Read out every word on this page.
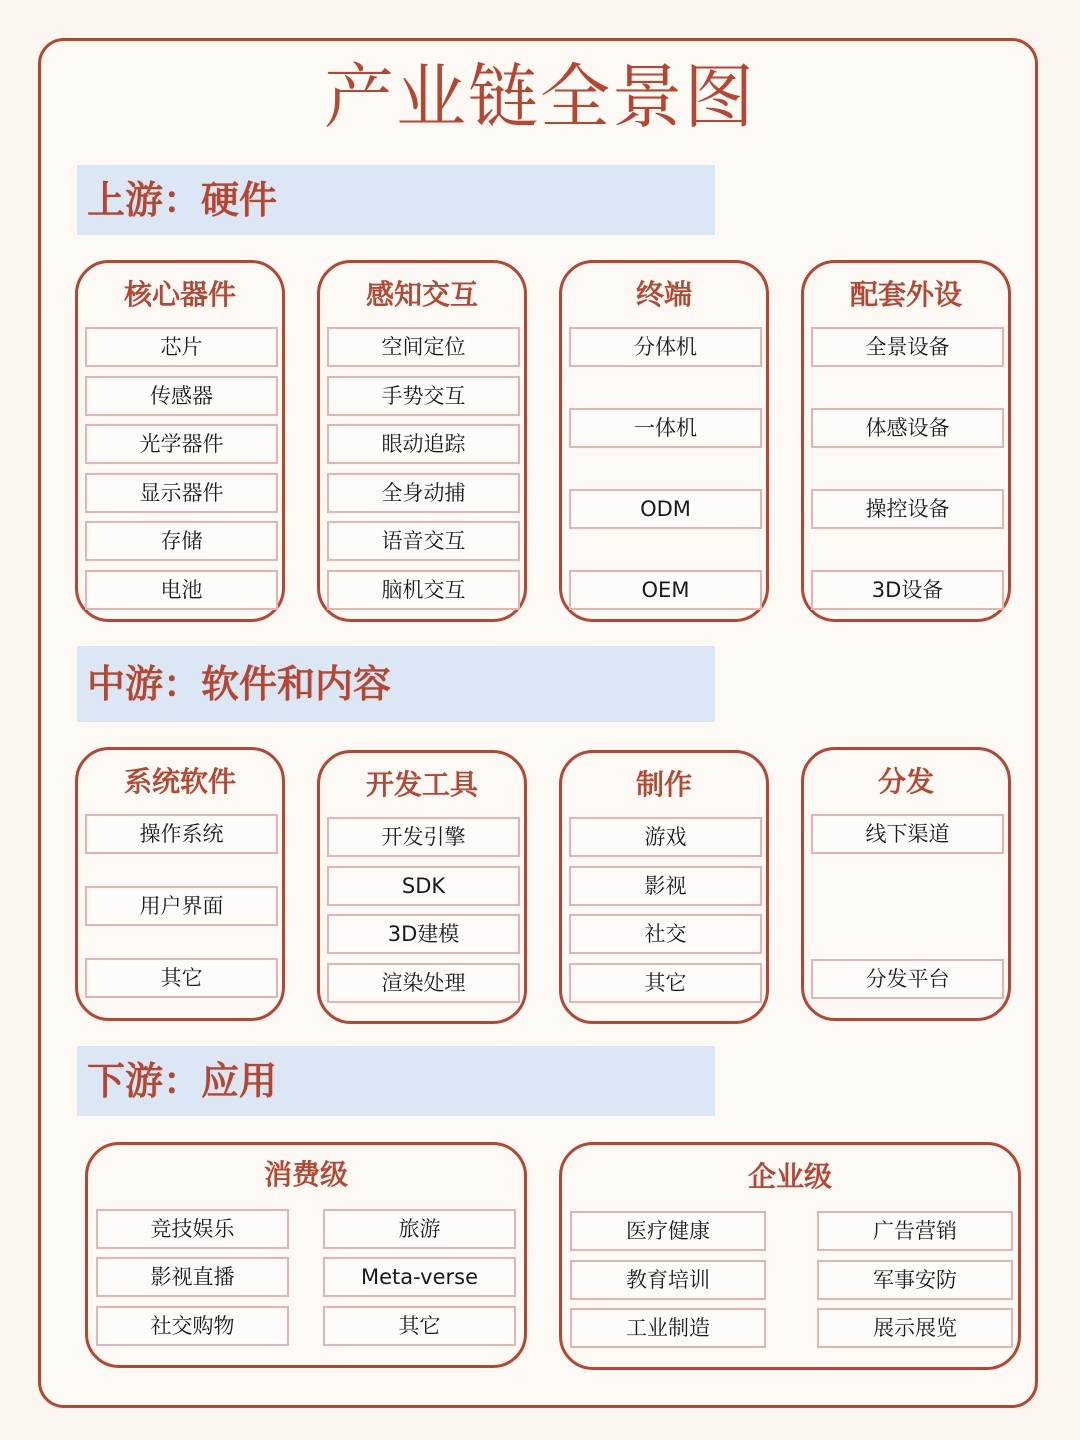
产业链全景图
上游：硬件
核心器件
芯片
传感器
光学器件
显示器件
存储
电池
感知交互
空间定位
手势交互
眼动追踪
全身动捕
语音交互
脑机交互
终端
分体机
一体机
ODM
OEM
配套外设
全景设备
体感设备
操控设备
3D设备
中游：软件和内容
系统软件
操作系统
用户界面
其它
开发工具
开发引擎
SDK
3D建模
渲染处理
制作
游戏
影视
社交
其它
分发
线下渠道
分发平台
下游：应用
消费级
竞技娱乐	旅游
影视直播	Meta-verse
社交购物	其它
企业级
医疗健康	广告营销
教育培训	军事安防
工业制造	展示展览
